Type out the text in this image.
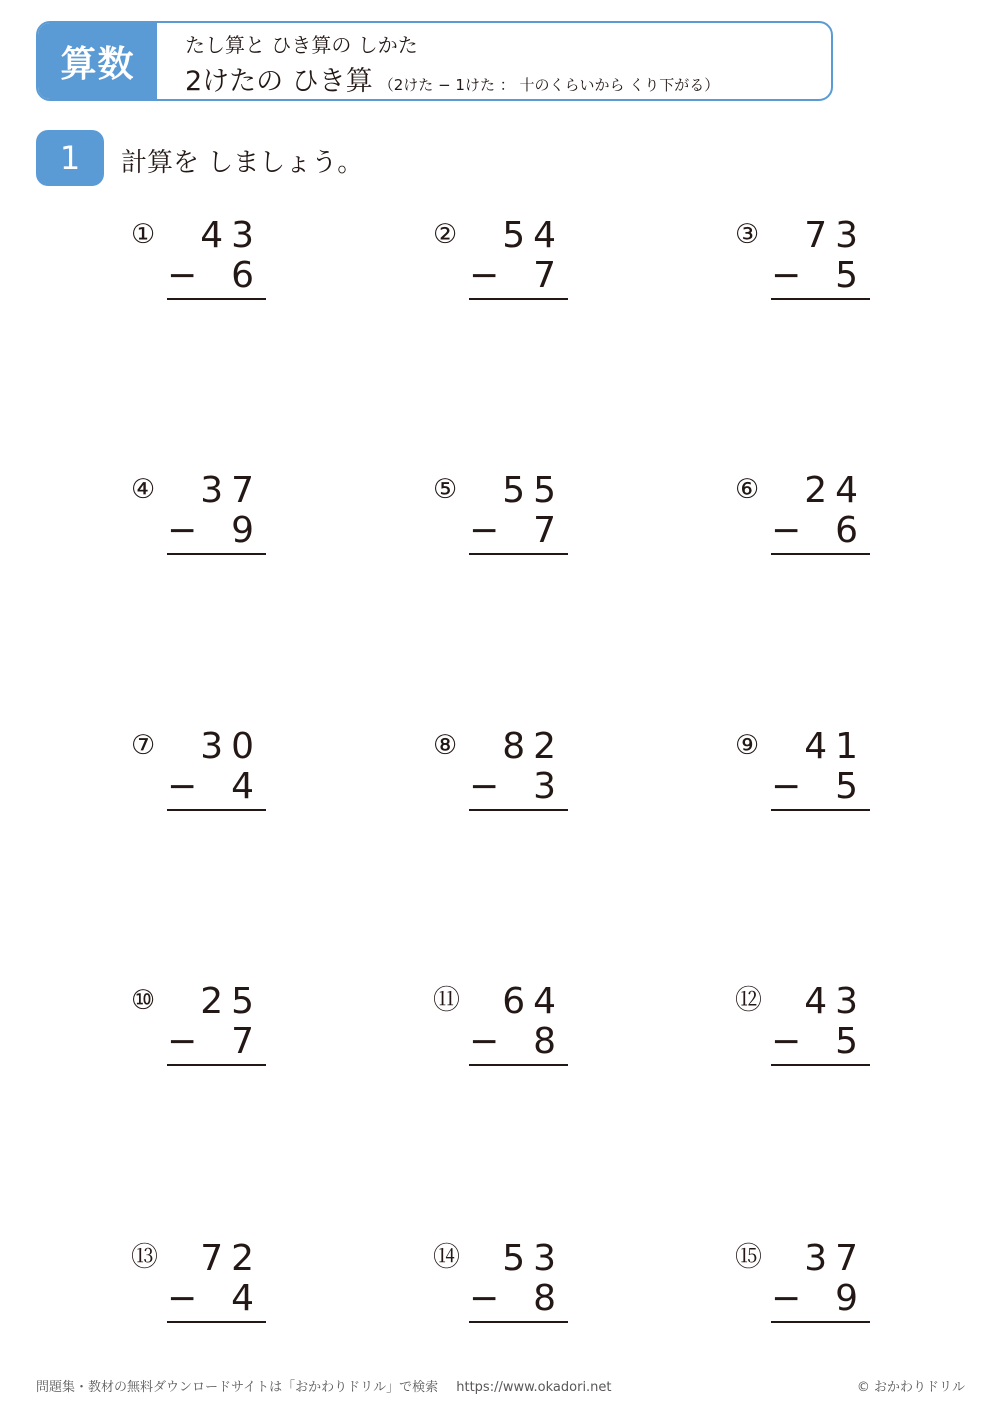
算数	たし算と ひき算の しかた
2けたの ひき算 （2けた − 1けた ： 十のくらいから くり下がる）
1	計算を しましょう。
①	43
− 6
②	54
− 7
③	73
− 5
④	37
− 9
⑤	55
− 7
⑥	24
− 6
⑦	30
− 4
⑧	82
− 3
⑨	41
− 5
⑩	25
− 7
⑪	64
− 8
⑫	43
− 5
⑬	72
− 4
⑭	53
− 8
⑮	37
− 9
問題集・教材の無料ダウンロードサイトは「おかわりドリル」で検索 https://www.okadori.net	© おかわりドリル
